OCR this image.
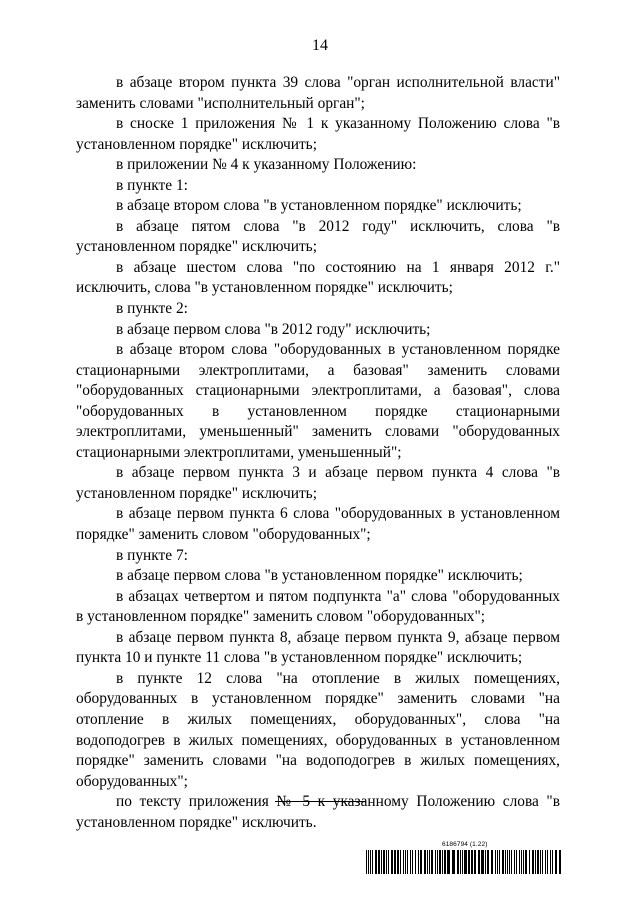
14

в абзаце втором пункта 39 слова "орган исполнительной власти" заменить словами "исполнительный орган";

в сноске 1 приложения № 1 к указанному Положению слова "в установленном порядке" исключить;

в приложении № 4 к указанному Положению:

в пункте 1:

в абзаце втором слова "в установленном порядке" исключить;

в абзаце пятом слова "в 2012 году" исключить, слова "в установленном порядке" исключить;

в абзаце шестом слова "по состоянию на 1 января 2012 г." исключить, слова "в установленном порядке" исключить;

в пункте 2:

в абзаце первом слова "в 2012 году" исключить;

в абзаце втором слова "оборудованных в установленном порядке стационарными электроплитами, а базовая" заменить словами "оборудованных стационарными электроплитами, а базовая", слова "оборудованных в установленном порядке стационарными электроплитами, уменьшенный" заменить словами "оборудованных стационарными электроплитами, уменьшенный";

в абзаце первом пункта 3 и абзаце первом пункта 4 слова "в установленном порядке" исключить;

в абзаце первом пункта 6 слова "оборудованных в установленном порядке" заменить словом "оборудованных";

в пункте 7:

в абзаце первом слова "в установленном порядке" исключить;

в абзацах четвертом и пятом подпункта "а" слова "оборудованных в установленном порядке" заменить словом "оборудованных";

в абзаце первом пункта 8, абзаце первом пункта 9, абзаце первом пункта 10 и пункте 11 слова "в установленном порядке" исключить;

в пункте 12 слова "на отопление в жилых помещениях, оборудованных в установленном порядке" заменить словами "на отопление в жилых помещениях, оборудованных", слова "на водоподогрев в жилых помещениях, оборудованных в установленном порядке" заменить словами "на водоподогрев в жилых помещениях, оборудованных";

по тексту приложения № 5 к указанному Положению слова "в установленном порядке" исключить.

6186794 (1.22)
